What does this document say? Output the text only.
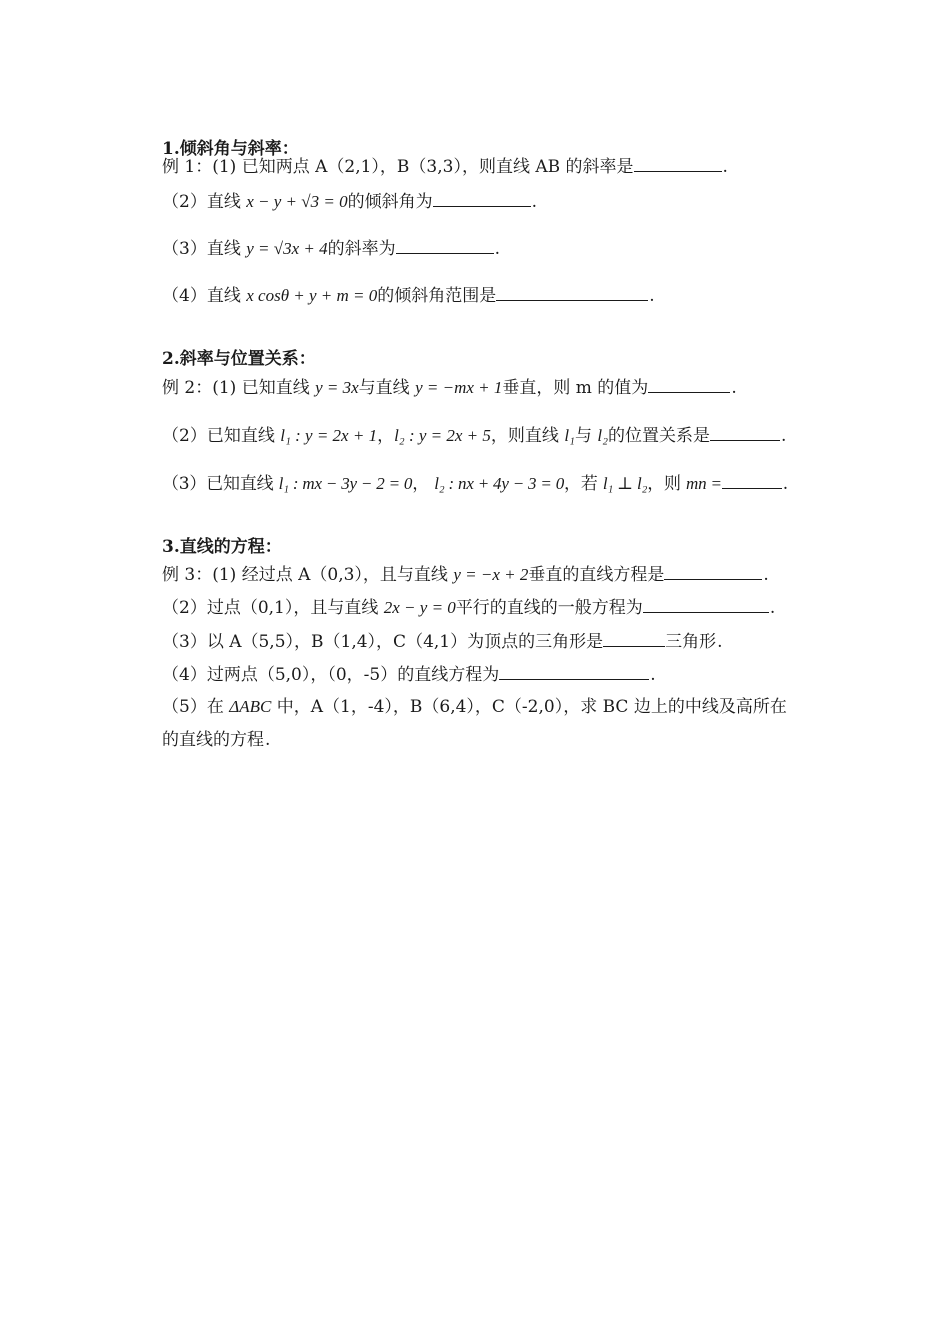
1.倾斜角与斜率：
例 1：(1) 已知两点 A（2,1），B（3,3），则直线 AB 的斜率是	.
（2）直线 x − y + √3 = 0的倾斜角为	.
（3）直线 y = √3x + 4的斜率为	.
（4）直线 x cosθ + y + m = 0的倾斜角范围是	.
2.斜率与位置关系：
例 2：(1) 已知直线 y = 3x与直线 y = −mx + 1垂直，则 m 的值为	.
（2）已知直线 l₁ : y = 2x + 1，l₂ : y = 2x + 5，则直线 l₁与 l₂的位置关系是	.
（3）已知直线 l₁ : mx − 3y − 2 = 0， l₂ : nx + 4y − 3 = 0，若 l₁ ⊥ l₂，则 mn =	.
3.直线的方程：
例 3：(1) 经过点 A（0,3），且与直线 y = −x + 2垂直的直线方程是	.
（2）过点（0,1），且与直线 2x − y = 0平行的直线的一般方程为	.
（3）以 A（5,5），B（1,4），C（4,1）为顶点的三角形是	三角形.
（4）过两点（5,0），（0，-5）的直线方程为	.
（5）在 ΔABC 中，A（1，-4），B（6,4），C（-2,0），求 BC 边上的中线及高所在
的直线的方程.
